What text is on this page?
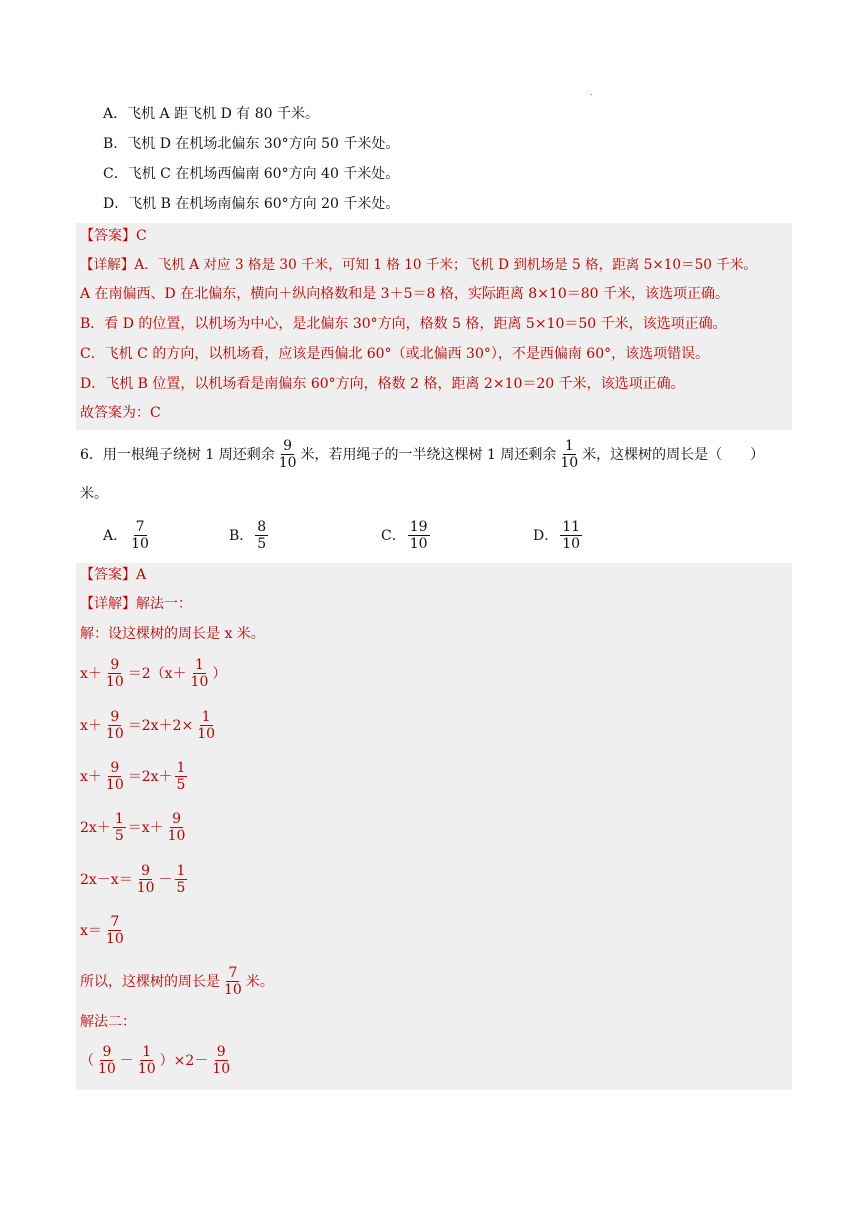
.
A．飞机 A 距飞机 D 有 80 千米。
B．飞机 D 在机场北偏东 30°方向 50 千米处。
C．飞机 C 在机场西偏南 60°方向 40 千米处。
D．飞机 B 在机场南偏东 60°方向 20 千米处。
【答案】C
【详解】A．飞机 A 对应 3 格是 30 千米，可知 1 格 10 千米；飞机 D 到机场是 5 格，距离 5×10＝50 千米。
A 在南偏西、D 在北偏东，横向＋纵向格数和是 3＋5＝8 格，实际距离 8×10＝80 千米，该选项正确。
B．看 D 的位置，以机场为中心，是北偏东 30°方向，格数 5 格，距离 5×10＝50 千米，该选项正确。
C．飞机 C 的方向，以机场看，应该是西偏北 60°（或北偏西 30°），不是西偏南 60°，该选项错误。
D．飞机 B 位置，以机场看是南偏东 60°方向，格数 2 格，距离 2×10＝20 千米，该选项正确。
故答案为：C
6．用一根绳子绕树 1 周还剩余 $\frac{9}{10}$ 米，若用绳子的一半绕这棵树 1 周还剩余 $\frac{1}{10}$ 米，这棵树的周长是（　　）
米。
A． $\frac{7}{10}$	B． $\frac{8}{5}$	C． $\frac{19}{10}$	D． $\frac{11}{10}$
【答案】A
【详解】解法一：
解：设这棵树的周长是 x 米。
$x+ \frac{9}{10} =2(x+ \frac{1}{10}$ ）
$x+ \frac{9}{10} =2x+2\times \frac{1}{10}$
$x+ \frac{9}{10} =2x+ \frac{1}{5}$
$2x+ \frac{1}{5} =x+ \frac{9}{10}$
$2x-x= \frac{9}{10} - \frac{1}{5}$
$x= \frac{7}{10}$
所以，这棵树的周长是 $\frac{7}{10}$ 米。
解法二：
（ $\frac{9}{10} - \frac{1}{10} )\times 2- \frac{9}{10}$
